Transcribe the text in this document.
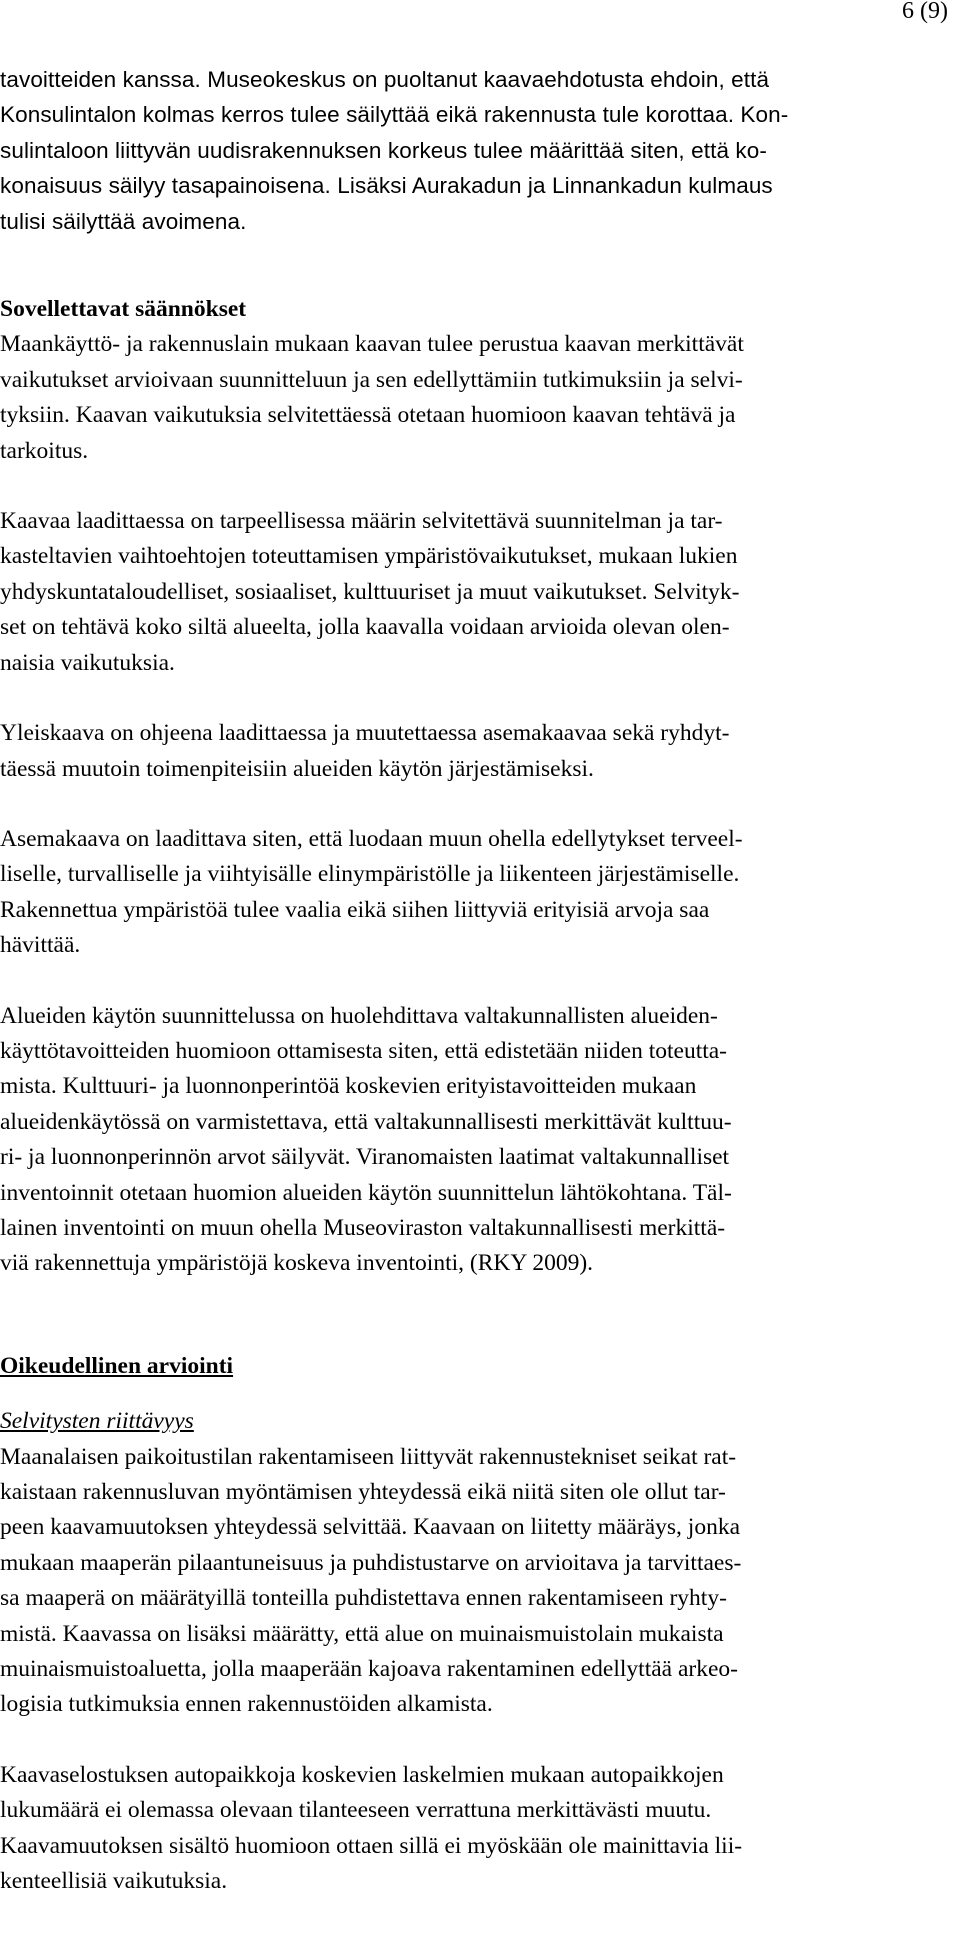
6 (9)
tavoitteiden kanssa. Museokeskus on puoltanut kaavaehdotusta ehdoin, että
Konsulintalon kolmas kerros tulee säilyttää eikä rakennusta tule korottaa. Kon-
sulintaloon liittyvän uudisrakennuksen korkeus tulee määrittää siten, että ko-
konaisuus säilyy tasapainoisena. Lisäksi Aurakadun ja Linnankadun kulmaus
tulisi säilyttää avoimena.
Sovellettavat säännökset
Maankäyttö- ja rakennuslain mukaan kaavan tulee perustua kaavan merkittävät
vaikutukset arvioivaan suunnitteluun ja sen edellyttämiin tutkimuksiin ja selvi-
tyksiin. Kaavan vaikutuksia selvitettäessä otetaan huomioon kaavan tehtävä ja
tarkoitus.
Kaavaa laadittaessa on tarpeellisessa määrin selvitettävä suunnitelman ja tar-
kasteltavien vaihtoehtojen toteuttamisen ympäristövaikutukset, mukaan lukien
yhdyskuntataloudelliset, sosiaaliset, kulttuuriset ja muut vaikutukset. Selvityk-
set on tehtävä koko siltä alueelta, jolla kaavalla voidaan arvioida olevan olen-
naisia vaikutuksia.
Yleiskaava on ohjeena laadittaessa ja muutettaessa asemakaavaa sekä ryhdyt-
täessä muutoin toimenpiteisiin alueiden käytön järjestämiseksi.
Asemakaava on laadittava siten, että luodaan muun ohella edellytykset terveel-
liselle, turvalliselle ja viihtyisälle elinympäristölle ja liikenteen järjestämiselle.
Rakennettua ympäristöä tulee vaalia eikä siihen liittyviä erityisiä arvoja saa
hävittää.
Alueiden käytön suunnittelussa on huolehdittava valtakunnallisten alueiden-
käyttötavoitteiden huomioon ottamisesta siten, että edistetään niiden toteutta-
mista. Kulttuuri- ja luonnonperintöä koskevien erityistavoitteiden mukaan
alueidenkäytössä on varmistettava, että valtakunnallisesti merkittävät kulttuu-
ri- ja luonnonperinnön arvot säilyvät. Viranomaisten laatimat valtakunnalliset
inventoinnit otetaan huomion alueiden käytön suunnittelun lähtökohtana. Täl-
lainen inventointi on muun ohella Museoviraston valtakunnallisesti merkittä-
viä rakennettuja ympäristöjä koskeva inventointi, (RKY 2009).
Oikeudellinen arviointi
Selvitysten riittävyys
Maanalaisen paikoitustilan rakentamiseen liittyvät rakennustekniset seikat rat-
kaistaan rakennusluvan myöntämisen yhteydessä eikä niitä siten ole ollut tar-
peen kaavamuutoksen yhteydessä selvittää. Kaavaan on liitetty määräys, jonka
mukaan maaperän pilaantuneisuus ja puhdistustarve on arvioitava ja tarvittaes-
sa maaperä on määrätyillä tonteilla puhdistettava ennen rakentamiseen ryhty-
mistä. Kaavassa on lisäksi määrätty, että alue on muinaismuistolain mukaista
muinaismuistoaluetta, jolla maaperään kajoava rakentaminen edellyttää arkeo-
logisia tutkimuksia ennen rakennustöiden alkamista.
Kaavaselostuksen autopaikkoja koskevien laskelmien mukaan autopaikkojen
lukumäärä ei olemassa olevaan tilanteeseen verrattuna merkittävästi muutu.
Kaavamuutoksen sisältö huomioon ottaen sillä ei myöskään ole mainittavia lii-
kenteellisiä vaikutuksia.
